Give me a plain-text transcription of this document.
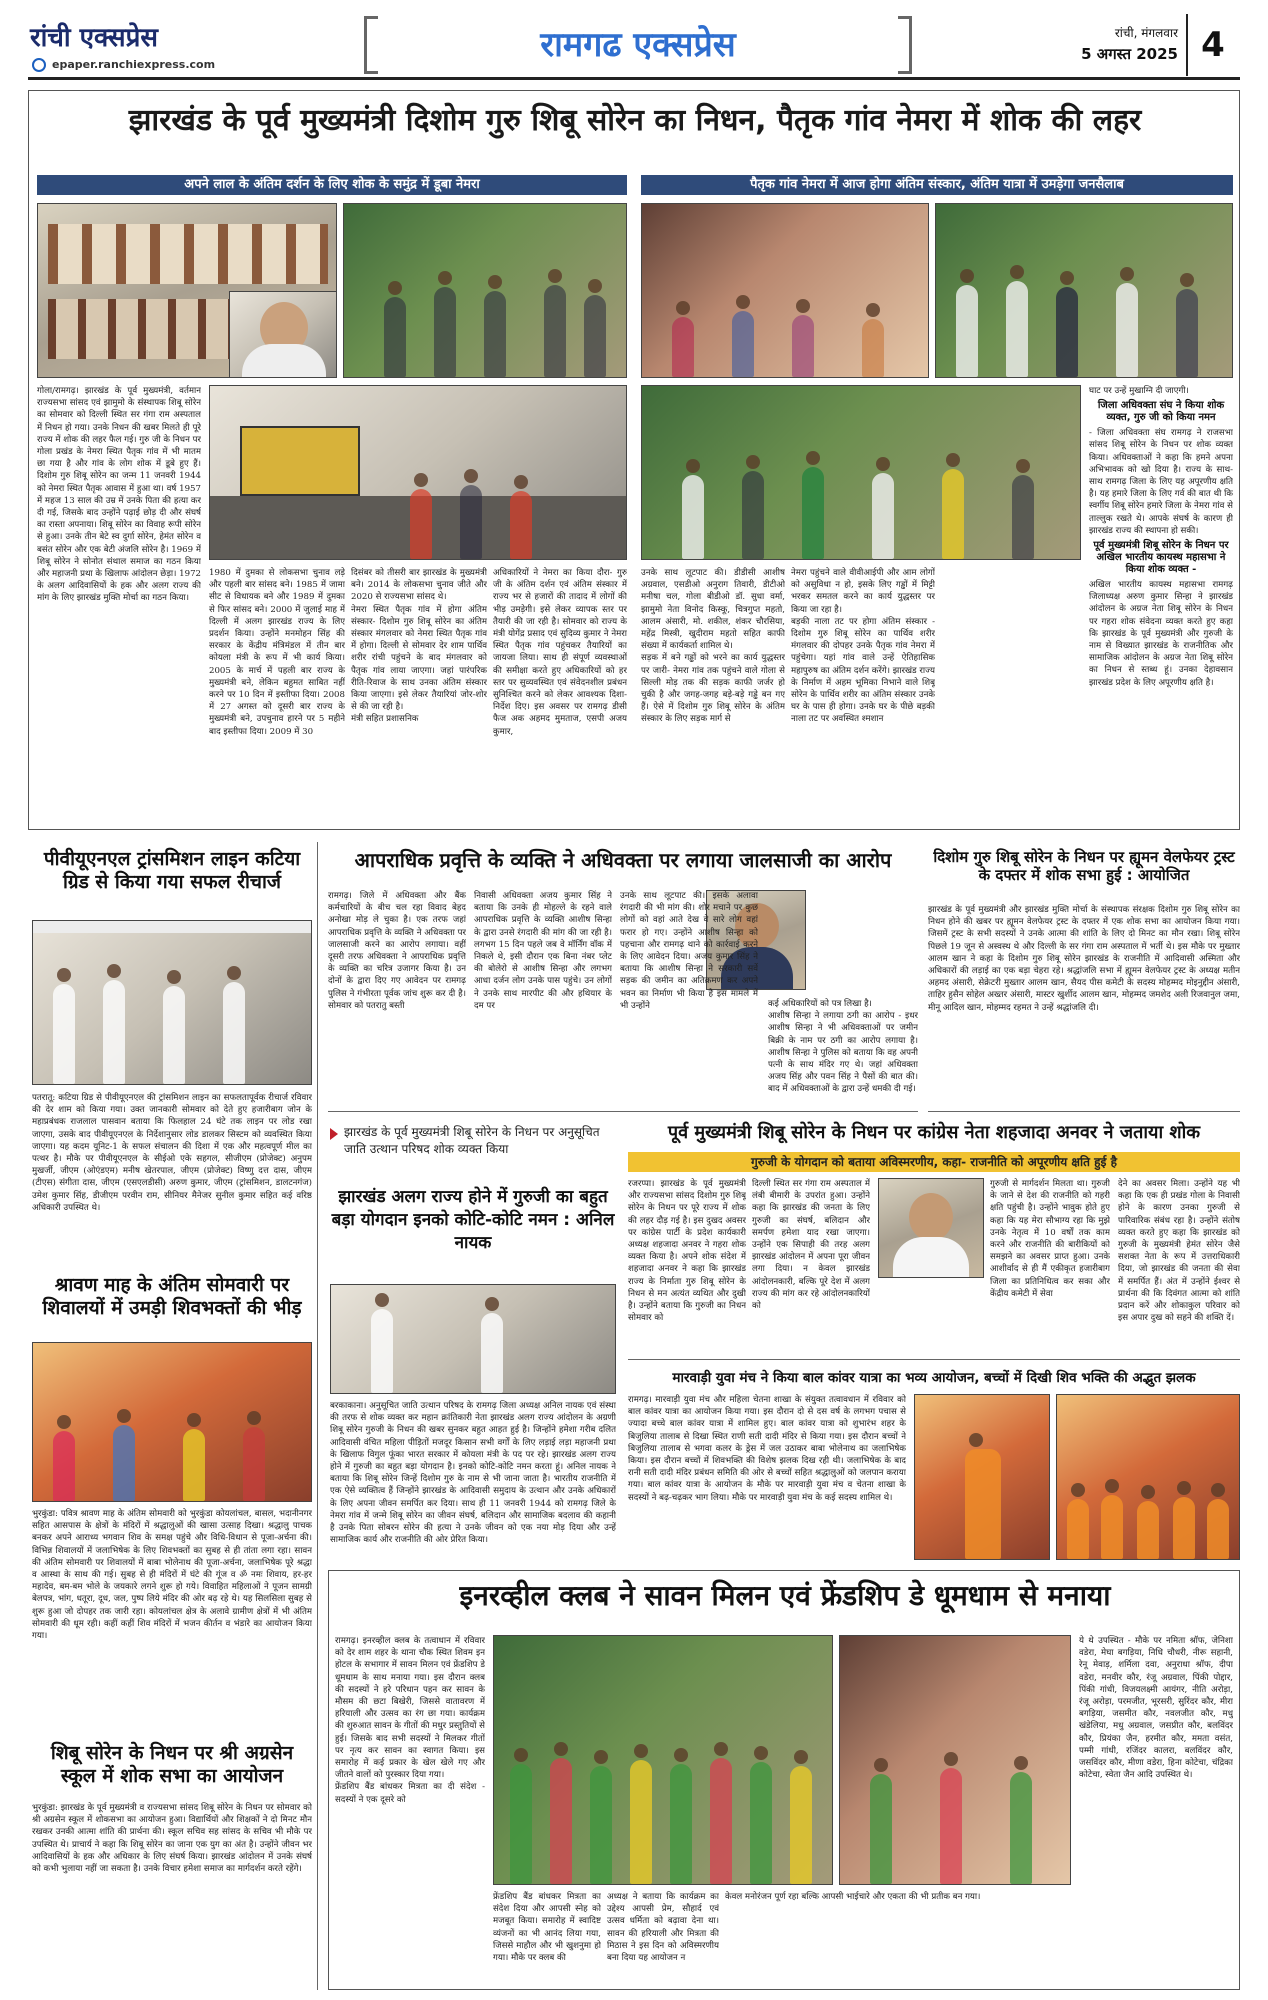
रांची एक्सप्रेस
epaper.ranchiexpress.com	रामगढ एक्सप्रेस	रांची, मंगलवार
5 अगस्त 2025 4
झारखंड के पूर्व मुख्यमंत्री दिशोम गुरु शिबू सोरेन का निधन, पैतृक गांव नेमरा में शोक की लहर
अपने लाल के अंतिम दर्शन के लिए शोक के समुंद्र में डूबा नेमरा	पैतृक गांव नेमरा में आज होगा अंतिम संस्कार, अंतिम यात्रा में उमड़ेगा जनसैलाब
गोला/रामगढ़। झारखंड के पूर्व मुख्यमंत्री, वर्तमान राज्यसभा सांसद एवं झामुमो के संस्थापक शिबू सोरेन का सोमवार को दिल्ली स्थित सर गंगा राम अस्पताल में निधन हो गया। उनके निधन की खबर मिलते ही पूरे राज्य में शोक की लहर फैल गई। गुरु जी के निधन पर गोला प्रखंड के नेमरा स्थित पैतृक गांव में भी मातम छा गया है और गांव के लोग शोक में डूबे हुए हैं। दिशोम गुरु शिबू सोरेन का जन्म 11 जनवरी 1944 को नेमरा स्थित पैतृक आवास में हुआ था। वर्ष 1957 में महज 13 साल की उम्र में उनके पिता की हत्या कर दी गई, जिसके बाद उन्होंने पढ़ाई छोड़ दी और संघर्ष का रास्ता अपनाया। शिबू सोरेन का विवाह रूपी सोरेन से हुआ। उनके तीन बेटे स्व दुर्गा सोरेन, हेमंत सोरेन व बसंत सोरेन और एक बेटी अंजलि सोरेन है। 1969 में शिबू सोरेन ने सोनोत संथाल समाज का गठन किया और महाजनी प्रथा के खिलाफ आंदोलन छेड़ा। 1972 के अलग आदिवासियों के हक और अलग राज्य की मांग के लिए झारखंड मुक्ति मोर्चा का गठन किया।
1980 में दुमका से लोकसभा चुनाव लड़े और पहली बार सांसद बने। 1985 में जामा सीट से विधायक बने और 1989 में दुमका से फिर सांसद बने। 2000 में जुलाई माह में दिल्ली में अलग झारखंड राज्य के लिए प्रदर्शन किया। उन्होंने मनमोहन सिंह की सरकार के केंद्रीय मंत्रिमंडल में तीन बार कोयला मंत्री के रूप में भी कार्य किया। 2005 के मार्च में पहली बार राज्य के मुख्यमंत्री बने, लेकिन बहुमत साबित नहीं करने पर 10 दिन में इस्तीफा दिया। 2008 में 27 अगस्त को दूसरी बार राज्य के मुख्यमंत्री बने, उपचुनाव हारने पर 5 महीने बाद इस्तीफा दिया। 2009 में 30
दिसंबर को तीसरी बार झारखंड के मुख्यमंत्री बने। 2014 के लोकसभा चुनाव जीते और 2020 से राज्यसभा सांसद थे।
नेमरा स्थित पैतृक गांव में होगा अंतिम संस्कार- दिशोम गुरु शिबू सोरेन का अंतिम संस्कार मंगलवार को नेमरा स्थित पैतृक गांव में होगा। दिल्ली से सोमवार देर शाम पार्थिव शरीर रांची पहुंचने के बाद मंगलवार को पैतृक गांव लाया जाएगा। जहां पारंपरिक रीति-रिवाज के साथ उनका अंतिम संस्कार किया जाएगा। इसे लेकर तैयारियां जोर-शोर से की जा रही है।
मंत्री सहित प्रशासनिक
अधिकारियों ने नेमरा का किया दौरा- गुरु जी के अंतिम दर्शन एवं अंतिम संस्कार में राज्य भर से हजारों की तादाद में लोगों की भीड़ उमड़ेगी। इसे लेकर व्यापक स्तर पर तैयारी की जा रही है। सोमवार को राज्य के मंत्री योगेंद्र प्रसाद एवं सुदिव्य कुमार ने नेमरा स्थित पैतृक गांव पहुंचकर तैयारियों का जायजा लिया। साथ ही संपूर्ण व्यवस्थाओं की समीक्षा करते हुए अधिकारियों को हर स्तर पर सुव्यवस्थित एवं संवेदनशील प्रबंधन सुनिश्चित करने को लेकर आवश्यक दिशा-निर्देश दिए। इस अवसर पर रामगढ़ डीसी फैज अक अहमद मुमताज, एसपी अजय कुमार,
उनके साथ लूटपाट की। डीडीसी आशीष अग्रवाल, एसडीओ अनुराग तिवारी, डीटीओ मनीषा चल, गोला बीडीओ डॉ. सुधा वर्मा, झामुमो नेता विनोद किस्कू, चित्रगुप्त महतो, आलम अंसारी, मो. शकील, शंकर चौरसिया, महेंद्र मिस्त्री, खुदीराम महतो सहित काफी संख्या में कार्यकर्ता शामिल थे।
सड़क में बने गड्ढों को भरने का कार्य युद्धस्तर पर जारी- नेमरा गांव तक पहुंचने वाले गोला से सिल्ली मोड़ तक की सड़क काफी जर्जर हो चुकी है और जगह-जगह बड़े-बड़े गड्ढे बन गए हैं। ऐसे में दिशोम गुरु शिबू सोरेन के अंतिम संस्कार के लिए सड़क मार्ग से
नेमरा पहुंचने वाले वीवीआईपी और आम लोगों को असुविधा न हो, इसके लिए गड्ढों में मिट्टी भरकर समतल करने का कार्य युद्धस्तर पर किया जा रहा है।
बड़की नाला तट पर होगा अंतिम संस्कार - दिशोम गुरु शिबू सोरेन का पार्थिव शरीर मंगलवार की दोपहर उनके पैतृक गांव नेमरा में पहुंचेगा। यहां गांव वाले उन्हें ऐतिहासिक महापुरुष का अंतिम दर्शन करेंगे। झारखंड राज्य के निर्माण में अहम भूमिका निभाने वाले शिबू सोरेन के पार्थिव शरीर का अंतिम संस्कार उनके घर के पास ही होगा। उनके घर के पीछे बड़की नाला तट पर अवस्थित श्मशान
घाट पर उन्हें मुखाग्नि दी जाएगी।
जिला अधिवक्ता संघ ने किया शोक व्यक्त, गुरु जी को किया नमन
- जिला अधिवक्ता संघ रामगढ़ ने राजसभा सांसद शिबू सोरेन के निधन पर शोक व्यक्त किया। अधिवक्ताओं ने कहा कि हमने अपना अभिभावक को खो दिया है। राज्य के साथ-साथ रामगढ़ जिला के लिए यह अपूरणीय क्षति है। यह हमारे जिला के लिए गर्व की बात थी कि स्वर्गीय शिबू सोरेन हमारे जिला के नेमरा गांव से ताल्लुक रखते थे। आपके संघर्ष के कारण ही झारखंड राज्य की स्थापना हो सकी।
पूर्व मुख्यमंत्री शिबू सोरेन के निधन पर अखिल भारतीय कायस्थ महासभा ने किया शोक व्यक्त -
अखिल भारतीय कायस्थ महासभा रामगढ़ जिलाध्यक्ष अरुण कुमार सिन्हा ने झारखंड आंदोलन के अग्रज नेता शिबू सोरेन के निधन पर गहरा शोक संवेदना व्यक्त करते हुए कहा कि झारखंड के पूर्व मुख्यमंत्री और गुरुजी के नाम से विख्यात झारखंड के राजनीतिक और सामाजिक आंदोलन के अग्रज नेता शिबू सोरेन का निधन से स्तब्ध हूं। उनका देहावसान झारखंड प्रदेश के लिए अपूरणीय क्षति है।
पीवीयूएनएल ट्रांसमिशन लाइन कटिया ग्रिड से किया गया सफल रीचार्ज
पतरातू: कटिया ग्रिड से पीवीयूएनएल की ट्रांसमिशन लाइन का सफलतापूर्वक रीचार्ज रविवार की देर शाम को किया गया। उक्त जानकारी सोमवार को देते हुए हजारीबाग जोन के महाप्रबंधक राजलाल पासवान बताया कि फिलहाल 24 घंटे तक लाइन पर लोड रखा जाएगा, उसके बाद पीवीयूएनएल के निर्देशानुसार लोड डालकर सिस्टम को व्यवस्थित किया जाएगा। यह कदम यूनिट-1 के सफल संचालन की दिशा में एक और महत्वपूर्ण मील का पत्थर है। मौके पर पीवीयूएनएल के सीईओ एके सहगल, सीजीएम (प्रोजेक्ट) अनुपम मुखर्जी, जीएम (ओएंडएम) मनीष खेतरपाल, जीएम (प्रोजेक्ट) विष्णु दत्त दास, जीएम (टीएस) संगीता दास, जीएम (एसएलडीसी) अरुण कुमार, जीएम (ट्रांसमिशन, डालटनगंज) उमेश कुमार सिंह, डीजीएम परवीन राम, सीनियर मैनेजर सुनील कुमार सहित कई वरिष्ठ अधिकारी उपस्थित थे।
श्रावण माह के अंतिम सोमवारी पर शिवालयों में उमड़ी शिवभक्तों की भीड़
भुरकुंडा: पवित्र श्रावण माह के अंतिम सोमवारी को भुरकुंडा कोयलांचल, बासल, भदानीनगर सहित आसपास के क्षेत्रों के मंदिरों में श्रद्धालुओं की खासा उत्साह दिखा। श्रद्धालु पाचक बनकर अपने आराध्य भगवान शिव के समक्ष पहुंचे और विधि-विधान से पूजा-अर्चना की। विभिन्न शिवालयों में जलाभिषेक के लिए शिवभक्तों का सुबह से ही तांता लगा रहा। सावन की अंतिम सोमवारी पर शिवालयों में बाबा भोलेनाथ की पूजा-अर्चना, जलाभिषेक पूरे श्रद्धा व आस्था के साथ की गई। सुबह से ही मंदिरों में घंटे की गूंज व ॐ नमः शिवाय, हर-हर महादेव, बम-बम भोले के जयकारे लगने शुरू हो गये। विवाहित महिलाओं ने पूजन सामग्री बेलपत्र, भांग, धतूरा, दूध, जल, पुष्प लिये मंदिर की ओर बढ़ रहे थे। यह सिलसिला सुबह से शुरू हुआ जो दोपहर तक जारी रहा। कोयलांचल क्षेत्र के अलावे ग्रामीण क्षेत्रों में भी अंतिम सोमवारी की धूम रही। कहीं कहीं शिव मंदिरों में भजन कीर्तन व भंडारे का आयोजन किया गया।
शिबू सोरेन के निधन पर श्री अग्रसेन स्कूल में शोक सभा का आयोजन
भुरकुंडा: झारखंड के पूर्व मुख्यमंत्री व राज्यसभा सांसद शिबू सोरेन के निधन पर सोमवार को श्री अग्रसेन स्कूल में शोकसभा का आयोजन हुआ। विद्यार्थियों और शिक्षकों ने दो मिनट मौन रखकर उनकी आत्मा शांति की प्रार्थना की। स्कूल सचिव सह सांसद के सचिव भी मौके पर उपस्थित थे। प्राचार्य ने कहा कि शिबू सोरेन का जाना एक युग का अंत है। उन्होंने जीवन भर आदिवासियों के हक और अधिकार के लिए संघर्ष किया। झारखंड आंदोलन में उनके संघर्ष को कभी भुलाया नहीं जा सकता है। उनके विचार हमेशा समाज का मार्गदर्शन करते रहेंगे।
आपराधिक प्रवृत्ति के व्यक्ति ने अधिवक्ता पर लगाया जालसाजी का आरोप
रामगढ़। जिले में अधिवक्ता और बैंक कर्मचारियों के बीच चल रहा विवाद बेहद अनोखा मोड़ ले चुका है। एक तरफ जहां आपराधिक प्रवृत्ति के व्यक्ति ने अधिवक्ता पर जालसाजी करने का आरोप लगाया। वहीं दूसरी तरफ अधिवक्ता ने आपराधिक प्रवृत्ति के व्यक्ति का चरित्र उजागर किया है। उन दोनों के द्वारा दिए गए आवेदन पर रामगढ़ पुलिस ने गंभीरता पूर्वक जांच शुरू कर दी है। सोमवार को पतरातु बस्ती
निवासी अधिवक्ता अजय कुमार सिंह ने बताया कि उनके ही मोहल्ले के रहने वाले आपराधिक प्रवृत्ति के व्यक्ति आशीष सिन्हा के द्वारा उनसे रंगदारी की मांग की जा रही है। लगभग 15 दिन पहले जब वे मॉर्निंग वॉक में निकले थे, इसी दौरान एक बिना नंबर प्लेट की बोलेरो से आशीष सिन्हा और लगभग आधा दर्जन लोग उनके पास पहुंचे। उन लोगों ने उनके साथ मारपीट की और हथियार के दम पर
उनके साथ लूटपाट की। इसके अलावा रंगदारी की भी मांग की। शोर मचाने पर कुछ लोगों को वहां आते देख वे सारे लोग वहां फरार हो गए। उन्होंने आशीष सिन्हा को पहचाना और रामगढ़ थाने को कार्रवाई करने के लिए आवेदन दिया। अजय कुमार सिंह ने बताया कि आशीष सिन्हा ने सरकारी सर्वे सड़क की जमीन का अतिक्रमण कर अपने भवन का निर्माण भी किया है इस मामले में भी उन्होंने	कई अधिकारियों को पत्र लिखा है।
आशीष सिन्हा ने लगाया ठगी का आरोप - इधर आशीष सिन्हा ने भी अधिवक्ताओं पर जमीन बिक्री के नाम पर ठगी का आरोप लगाया है। आशीष सिन्हा ने पुलिस को बताया कि वह अपनी पत्नी के साथ मंदिर गए थे। जहां अधिवक्ता अजय सिंह और पवन सिंह ने पैसों की बात की। बाद में अधिवक्ताओं के द्वारा उन्हें धमकी दी गई।
दिशोम गुरु शिबू सोरेन के निधन पर ह्यूमन वेलफेयर ट्रस्ट के दफ्तर में शोक सभा हुई : आयोजित
झारखंड के पूर्व मुख्यमंत्री और झारखंड मुक्ति मोर्चा के संस्थापक संरक्षक दिशोम गुरु शिबू सोरेन का निधन होने की खबर पर ह्यूमन वेलफेयर ट्रस्ट के दफ्तर में एक शोक सभा का आयोजन किया गया। जिसमें ट्रस्ट के सभी सदस्यों ने उनके आत्मा की शांति के लिए दो मिनट का मौन रखा। शिबू सोरेन पिछले 19 जून से अस्वस्थ थे और दिल्ली के सर गंगा राम अस्पताल में भर्ती थे। इस मौके पर मुख्तार आलम खान ने कहा के दिशोम गुरु शिबू सोरेन झारखंड के राजनीति में आदिवासी अस्मिता और अधिकारों की लड़ाई का एक बड़ा चेहरा रहे। श्रद्धांजलि सभा में ह्यूमन वेलफेयर ट्रस्ट के अध्यक्ष मतीन अहमद अंसारी, सेक्रेटरी मुख्तार आलम खान, सैयद पीस कमेटी के सदस्य मोहम्मद मोइनुद्दीन अंसारी, ताहिर हुसैन सोहेल अख्तर अंसारी, मास्टर खुर्शीद आलम खान, मोहम्मद जमशेद अली रिजवानुल जमा, मीनू आदिल खान, मोहम्मद रहमत ने उन्हें श्रद्धांजलि दी।
झारखंड के पूर्व मुख्यमंत्री शिबू सोरेन के निधन पर अनुसूचित जाति उत्थान परिषद शोक व्यक्त किया
झारखंड अलग राज्य होने में गुरुजी का बहुत बड़ा योगदान इनको कोटि-कोटि नमन : अनिल नायक
बरकाकाना। अनुसूचित जाति उत्थान परिषद के रामगढ़ जिला अध्यक्ष अनिल नायक एवं संस्था की तरफ से शोक व्यक्त कर महान क्रांतिकारी नेता झारखंड अलग राज्य आंदोलन के अग्रणी शिबू सोरेन गुरुजी के निधन की खबर सुनकर बहुत आहत हुई है। जिन्होंने हमेशा गरीब दलित आदिवासी वंचित महिला पीड़ितों मजदूर किसान सभी वर्गों के लिए लड़ाई लड़ा महाजनी प्रथा के खिलाफ विगुल फूंका भारत सरकार में कोयला मंत्री के पद पर रहे। झारखंड अलग राज्य होने में गुरुजी का बहुत बड़ा योगदान है। इनको कोटि-कोटि नमन करता हूं। अनिल नायक ने बताया कि शिबू सोरेन जिन्हें दिशोम गुरु के नाम से भी जाना जाता है। भारतीय राजनीति में एक ऐसे व्यक्तित्व हैं जिन्होंने झारखंड के आदिवासी समुदाय के उत्थान और उनके अधिकारों के लिए अपना जीवन समर्पित कर दिया। साथ ही 11 जनवरी 1944 को रामगढ़ जिले के नेमरा गांव में जन्मे शिबू सोरेन का जीवन संघर्ष, बलिदान और सामाजिक बदलाव की कहानी है उनके पिता सोबरन सोरेन की हत्या ने उनके जीवन को एक नया मोड़ दिया और उन्हें सामाजिक कार्य और राजनीति की ओर प्रेरित किया।
पूर्व मुख्यमंत्री शिबू सोरेन के निधन पर कांग्रेस नेता शहजादा अनवर ने जताया शोक
गुरुजी के योगदान को बताया अविस्मरणीय, कहा- राजनीति को अपूरणीय क्षति हुई है
रजरप्पा। झारखंड के पूर्व मुख्यमंत्री और राज्यसभा सांसद दिशोम गुरु शिबू सोरेन के निधन पर पूरे राज्य में शोक की लहर दौड़ गई है। इस दुखद अवसर पर कांग्रेस पार्टी के प्रदेश कार्यकारी अध्यक्ष शहजादा अनवर ने गहरा शोक व्यक्त किया है। अपने शोक संदेश में शहजादा अनवर ने कहा कि झारखंड राज्य के निर्माता गुरु शिबू सोरेन के निधन से मन अत्यंत व्यथित और दुखी है। उन्होंने बताया कि गुरुजी का निधन सोमवार को
दिल्ली स्थित सर गंगा राम अस्पताल में लंबी बीमारी के उपरांत हुआ। उन्होंने कहा कि झारखंड की जनता के लिए गुरुजी का संघर्ष, बलिदान और समर्पण हमेशा याद रखा जाएगा। उन्होंने एक सिपाही की तरह अलग झारखंड आंदोलन में अपना पूरा जीवन लगा दिया। न केवल झारखंड आंदोलनकारी, बल्कि पूरे देश में अलग राज्य की मांग कर रहे आंदोलनकारियों को
गुरुजी से मार्गदर्शन मिलता था। गुरुजी के जाने से देश की राजनीति को गहरी क्षति पहुंची है। उन्होंने भावुक होते हुए कहा कि यह मेरा सौभाग्य रहा कि मुझे उनके नेतृत्व में 10 वर्षों तक काम करने और राजनीति की बारीकियों को समझने का अवसर प्राप्त हुआ। उनके आशीर्वाद से ही मैं एकीकृत हजारीबाग जिला का प्रतिनिधित्व कर सका और केंद्रीय कमेटी में सेवा
देने का अवसर मिला। उन्होंने यह भी कहा कि एक ही प्रखंड गोला के निवासी होने के कारण उनका गुरुजी से पारिवारिक संबंध रहा है। उन्होंने संतोष व्यक्त करते हुए कहा कि झारखंड को गुरुजी के मुख्यमंत्री हेमंत सोरेन जैसे सशक्त नेता के रूप में उत्तराधिकारी दिया, जो झारखंड की जनता की सेवा में समर्पित हैं। अंत में उन्होंने ईश्वर से प्रार्थना की कि दिवंगत आत्मा को शांति प्रदान करें और शोकाकुल परिवार को इस अपार दुख को सहने की शक्ति दें।
मारवाड़ी युवा मंच ने किया बाल कांवर यात्रा का भव्य आयोजन, बच्चों में दिखी शिव भक्ति की अद्भुत झलक
रामगढ़। मारवाड़ी युवा मंच और महिला चेतना शाखा के संयुक्त तत्वावधान में रविवार को बाल कांवर यात्रा का आयोजन किया गया। इस दौरान दो से दस वर्ष के लगभग पचास से ज्यादा बच्चे बाल कांवर यात्रा में शामिल हुए। बाल कांवर यात्रा को शुभारंभ शहर के बिजुलिया तालाब से दिखा स्थित राणी सती दादी मंदिर से किया गया। इस दौरान बच्चों ने बिजुलिया तालाब से भगवा कलर के ड्रेस में जल उठाकर बाबा भोलेनाथ का जलाभिषेक किया। इस दौरान बच्चों में शिवभक्ति की विशेष झलक दिख रही थी। जलाभिषेक के बाद रानी सती दादी मंदिर प्रबंधन समिति की ओर से बच्चों सहित श्रद्धालुओं को जलपान कराया गया। बाल कांवर यात्रा के आयोजन के मौके पर मारवाड़ी युवा मंच व चेतना शाखा के सदस्यों ने बढ़-चढ़कर भाग लिया। मौके पर मारवाड़ी युवा मंच के कई सदस्य शामिल थे।
इनरव्हील क्लब ने सावन मिलन एवं फ्रेंडशिप डे धूमधाम से मनाया
रामगढ़। इनरव्हील क्लब के तत्वाधान में रविवार को देर शाम शहर के थाना चौक स्थित शिवम इन होटल के सभागार में सावन मिलन एवं फ्रेंडशिप डे धूमधाम के साथ मनाया गया। इस दौरान क्लब की सदस्यों ने हरे परिधान पहन कर सावन के मौसम की छटा बिखेरी, जिससे वातावरण में हरियाली और उत्सव का रंग छा गया। कार्यक्रम की शुरुआत सावन के गीतों की मधुर प्रस्तुतियों से हुई। जिसके बाद सभी सदस्यों ने मिलकर गीतों पर नृत्य कर सावन का स्वागत किया। इस समारोह में कई प्रकार के खेल खेले गए और जीतने वालों को पुरस्कार दिया गया।
फ्रेंडशिप बैंड बांधकर मित्रता का दी संदेश - सदस्यों ने एक दूसरे को
फ्रेंडशिप बैंड बांधकर मित्रता का संदेश दिया और आपसी स्नेह को मजबूत किया। समारोह में स्वादिष्ट व्यंजनों का भी आनंद लिया गया, जिससे माहौल और भी खुशनुमा हो गया। मौके पर क्लब की
अध्यक्ष ने बताया कि कार्यक्रम का उद्देश्य आपसी प्रेम, सौहार्द एवं उत्सव धर्मिता को बढ़ावा देना था। सावन की हरियाली और मित्रता की मिठास ने इस दिन को अविस्मरणीय बना दिया यह आयोजन न
केवल मनोरंजन पूर्ण रहा बल्कि आपसी भाईचारे और एकता की भी प्रतीक बन गया।
ये थे उपस्थित - मौके पर नमिता श्रॉफ, जेनिशा वडेरा, मेघा बगड़िया, निधि चौधरी, नीरू सहानी, रेनू मेवाड़, शर्मिला दवा, अनुराधा श्रॉफ, दीपा वडेरा, मनवीर कौर, रंजू अग्रवाल, पिंकी पोद्दार, पिंकी गांधी, विजयलक्ष्मी आयंगर, नीति अरोड़ा, रंजू अरोड़ा, परमजीत, भूरसरी, सुरिंदर कौर, मीरा बगड़िया, जसमीत कौर, नवलजीत कौर, मधु खंडेलिया, मधु अग्रवाल, जसप्रीत कौर, बलविंदर कौर, प्रियंका जैन, हरमीत कौर, ममता वसंत, पम्मी गांधी, रजिंदर कालरा, बलविंदर कौर, जसविंदर कौर, मीणा वडेरा, हिना कोटेचा, चंद्रिका कोटेचा, स्वेता जैन आदि उपस्थित थे।
